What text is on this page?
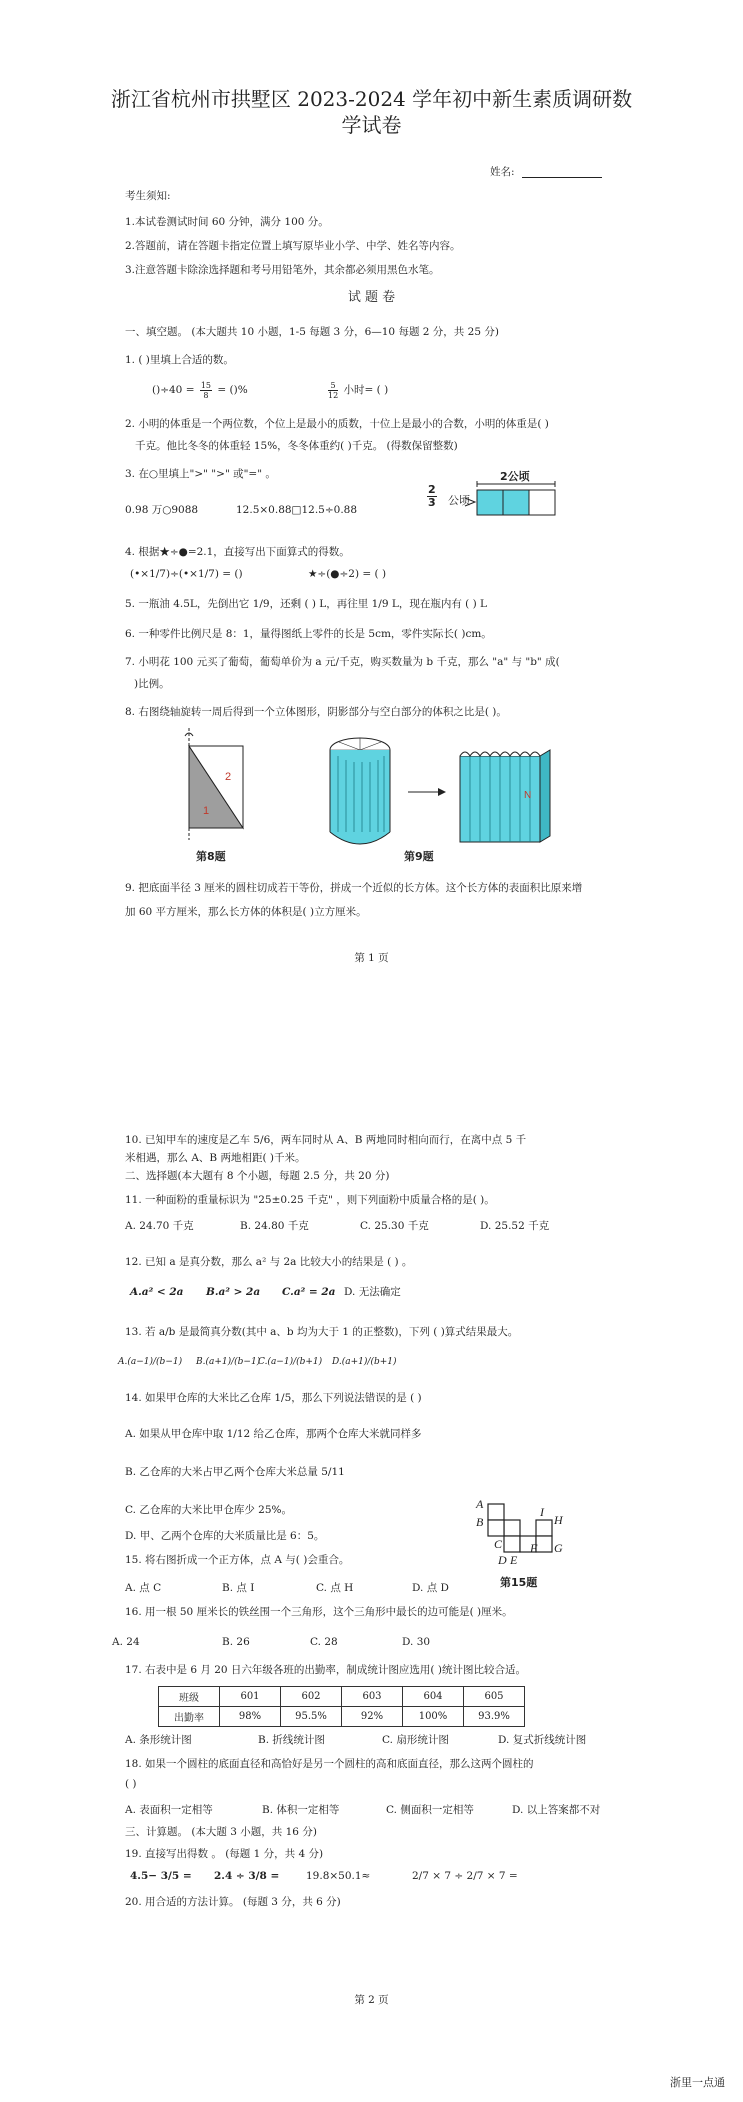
浙江省杭州市拱墅区 2023-2024 学年初中新生素质调研数
学试卷
姓名:
考生须知:
1.本试卷测试时间 60 分钟，满分 100 分。
2.答题前，请在答题卡指定位置上填写原毕业小学、中学、姓名等内容。
3.注意答题卡除涂选择题和考号用铅笔外，其余都必须用黑色水笔。
试 题 卷
一、填空题。 (本大题共 10 小题，1-5 每题 3 分，6—10 每题 2 分，共 25 分)
1. ( )里填上合适的数。
$()\div 40 = \frac{15}{8}$ = ()%	$\frac{5}{12}$ 小时= ( )
2. 小明的体重是一个两位数，个位上是最小的质数，十位上是最小的合数，小明的体重是( )
千克。他比冬冬的体重轻 15%，冬冬体重约( )千克。 (得数保留整数)
3. 在○里填上">" ">" 或"=" 。
0.98 万○9088	12.5×0.88□12.5÷0.88
$\frac{2}{3}$ 公顷
2公顷
4. 根据★÷●=2.1，直接写出下面算式的得数。
(•×1/7)÷(•×1/7) = ()	★÷(●÷2) = ( )
5. 一瓶油 4.5L，先倒出它 1/9，还剩 ( ) L，再往里 1/9 L，现在瓶内有 ( ) L
6. 一种零件比例尺是 8：1，量得图纸上零件的长是 5cm，零件实际长( )cm。
7. 小明花 100 元买了葡萄，葡萄单价为 a 元/千克，购买数量为 b 千克，那么 "a" 与 "b" 成(
)比例。
8. 右图绕轴旋转一周后得到一个立体图形，阴影部分与空白部分的体积之比是( )。
2
1
第8题
N
第9题
9. 把底面半径 3 厘米的圆柱切成若干等份，拼成一个近似的长方体。这个长方体的表面积比原来增
加 60 平方厘米，那么长方体的体积是( )立方厘米。
第 1 页
10. 已知甲车的速度是乙车 5/6，两车同时从 A、B 两地同时相向而行，在离中点 5 千
米相遇，那么 A、B 两地相距( )千米。
二、选择题(本大题有 8 个小题，每题 2.5 分，共 20 分)
11. 一种面粉的重量标识为 "25±0.25 千克" ，则下列面粉中质量合格的是( )。
A. 24.70 千克	B. 24.80 千克	C. 25.30 千克	D. 25.52 千克
12. 已知 a 是真分数，那么 a² 与 2a 比较大小的结果是 ( ) 。
A.a² < 2a B.a² > 2a C.a² = 2a D. 无法确定
13. 若 a/b 是最简真分数(其中 a、b 均为大于 1 的正整数)，下列 ( )算式结果最大。
A.(a−1)/(b−1) B.(a+1)/(b−1)
C.(a−1)/(b+1) D.(a+1)/(b+1)
14. 如果甲仓库的大米比乙仓库 1/5，那么下列说法错误的是 ( )
A. 如果从甲仓库中取 1/12 给乙仓库，那两个仓库大米就同样多
B. 乙仓库的大米占甲乙两个仓库大米总量 5/11
C. 乙仓库的大米比甲仓库少 25%。
D. 甲、乙两个仓库的大米质量比是 6：5。
A
B
C
D E
F G
H
I
第15题
15. 将右图折成一个正方体，点 A 与( )会重合。
A. 点 C	B. 点 I	C. 点 H	D. 点 D
16. 用一根 50 厘米长的铁丝围一个三角形，这个三角形中最长的边可能是( )厘米。
A. 24	B. 26	C. 28	D. 30
17. 右表中是 6 月 20 日六年级各班的出勤率，制成统计图应选用( )统计图比较合适。
班级	601	602	603	604	605
出勤率	98%	95.5%	92%	100%	93.9%
A. 条形统计图	B. 折线统计图	C. 扇形统计图	D. 复式折线统计图
18. 如果一个圆柱的底面直径和高恰好是另一个圆柱的高和底面直径，那么这两个圆柱的
( )
A. 表面积一定相等	B. 体积一定相等	C. 侧面积一定相等	D. 以上答案都不对
三、计算题。 (本大题 3 小题，共 16 分)
19. 直接写出得数 。 (每题 1 分，共 4 分)
4.5− 3/5 = 2.4 ÷ 3/8 =	19.8×50.1≈	2/7 × 7 ÷ 2/7 × 7 =
20. 用合适的方法计算。 (每题 3 分，共 6 分)
第 2 页
浙里一点通
